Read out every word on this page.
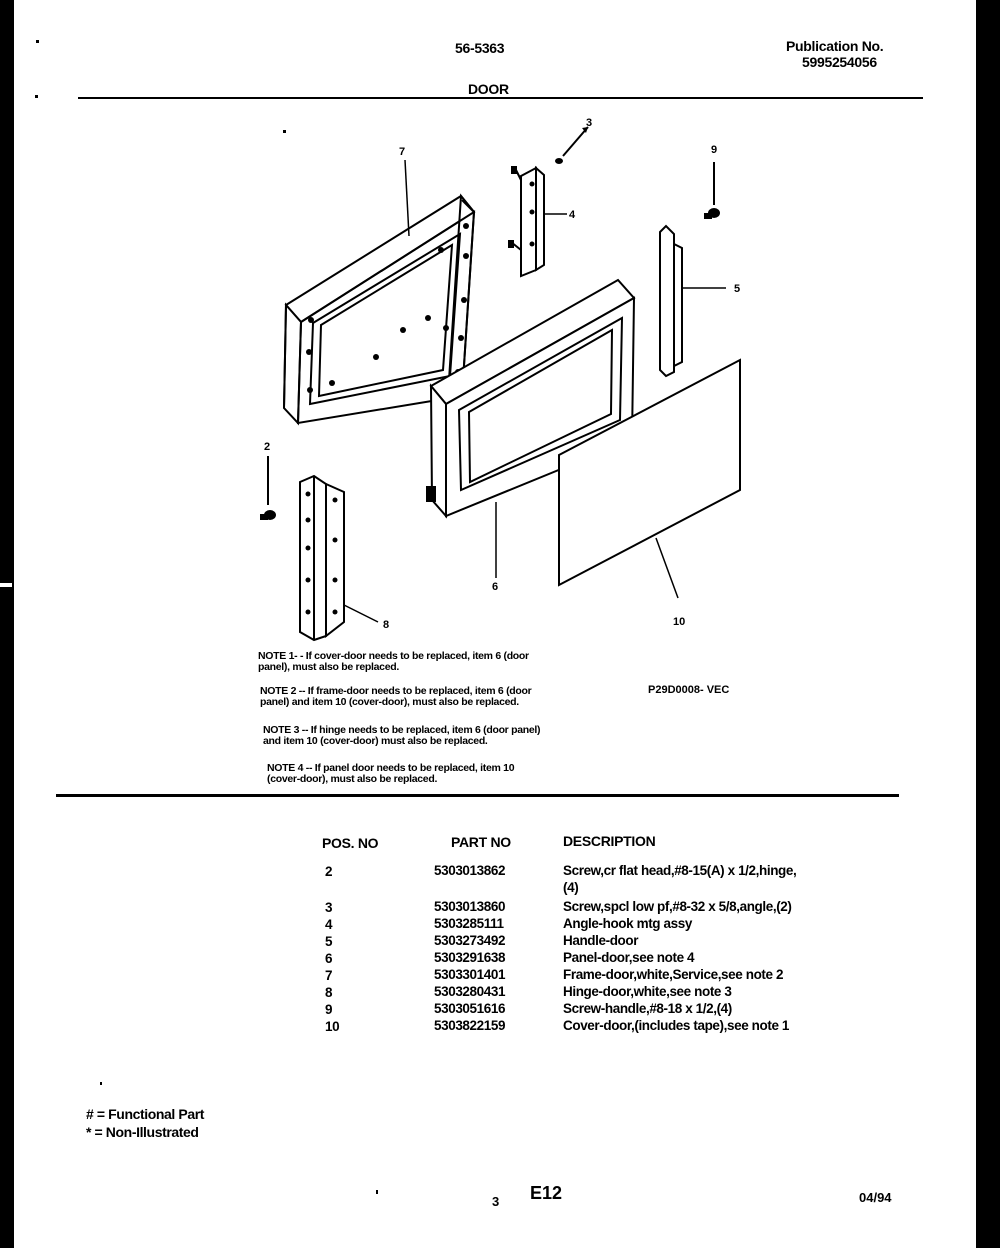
56-5363	Publication No.
5995254056
DOOR
7
3
4
9
5
2
6
8	10
NOTE 1- - If cover-door needs to be replaced, item 6 (door
panel), must also be replaced.
NOTE 2 -- If frame-door needs to be replaced, item 6 (door
panel) and item 10 (cover-door), must also be replaced.
NOTE 3 -- If hinge needs to be replaced, item 6 (door panel)
and item 10 (cover-door) must also be replaced.
NOTE 4 -- If panel door needs to be replaced, item 10
(cover-door), must also be replaced.
P29D0008- VEC
POS. NO	PART NO	DESCRIPTION
2	5303013862	Screw,cr flat head,#8-15(A) x 1/2,hinge,
(4)
3	5303013860	Screw,spcl low pf,#8-32 x 5/8,angle,(2)
4	5303285111	Angle-hook mtg assy
5	5303273492	Handle-door
6	5303291638	Panel-door,see note 4
7	5303301401	Frame-door,white,Service,see note 2
8	5303280431	Hinge-door,white,see note 3
9	5303051616	Screw-handle,#8-18 x 1/2,(4)
10	5303822159	Cover-door,(includes tape),see note 1
# = Functional Part
* = Non-Illustrated
3 E12	04/94
